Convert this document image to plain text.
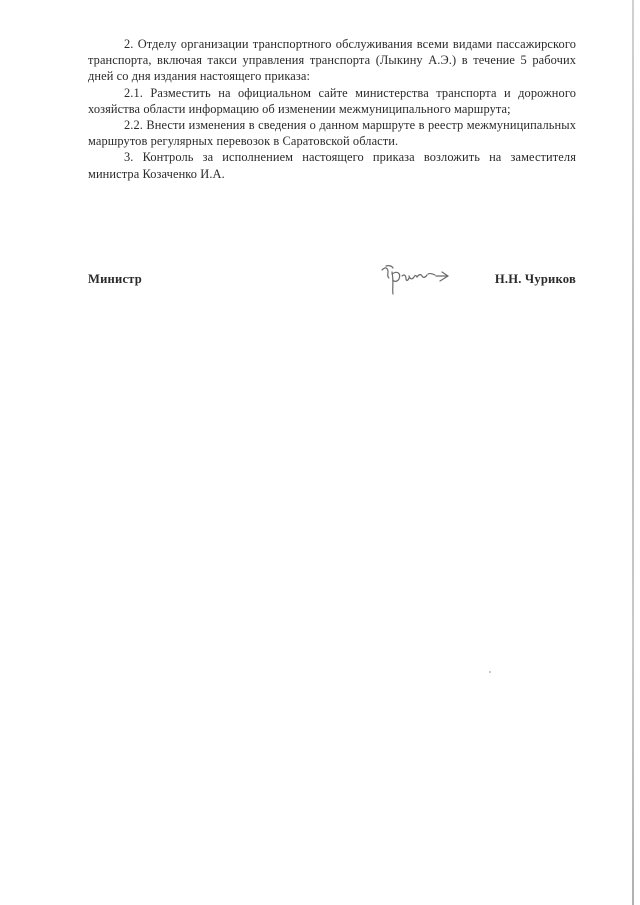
2. Отделу организации транспортного обслуживания всеми видами пассажирского транспорта, включая такси управления транспорта (Лыкину А.Э.) в течение 5 рабочих дней со дня издания настоящего приказа:

2.1. Разместить на официальном сайте министерства транспорта и дорожного хозяйства области информацию об изменении межмуниципального маршрута;

2.2. Внести изменения в сведения о данном маршруте в реестр межмуниципальных маршрутов регулярных перевозок в Саратовской области.

3. Контроль за исполнением настоящего приказа возложить на заместителя министра Козаченко И.А.

Министр	Н.Н. Чуриков
